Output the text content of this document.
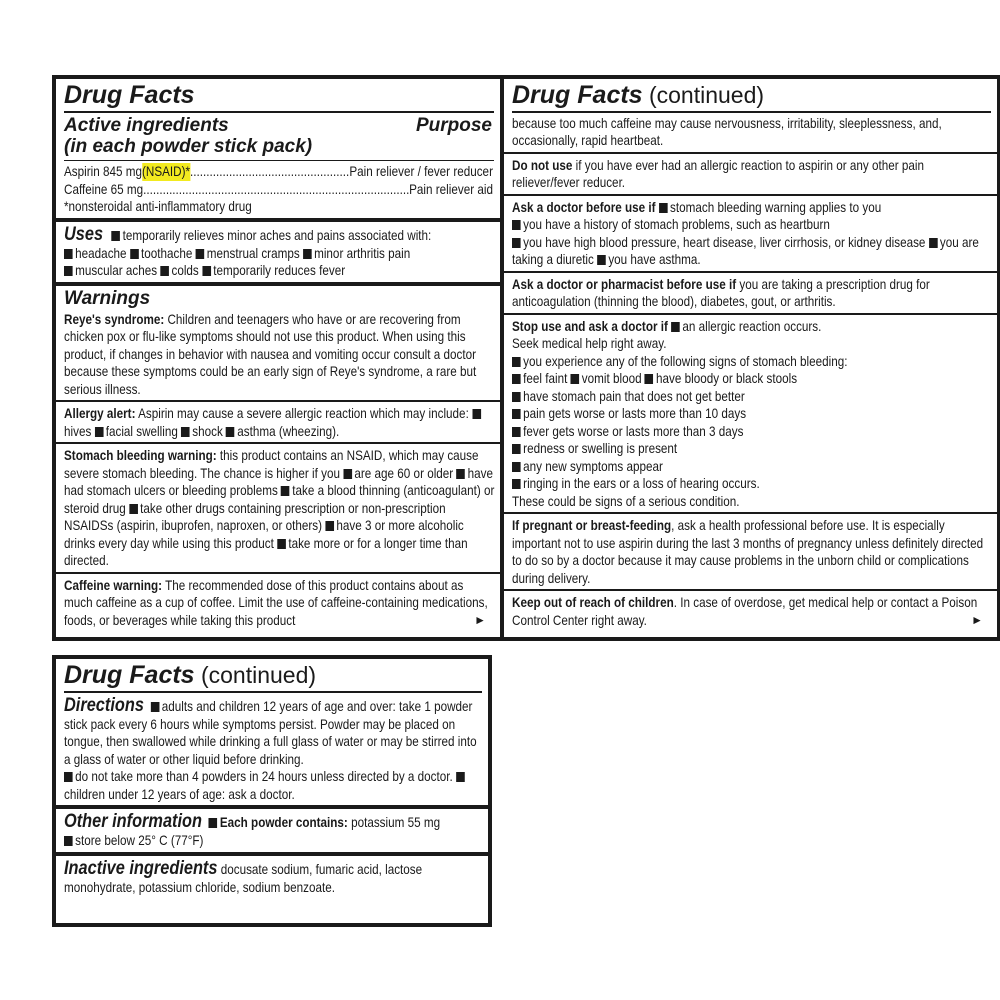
Drug Facts
Active ingredients
(in each powder stick pack)
Purpose
Aspirin 845 mg (NSAID)* .....	Pain reliever / fever reducer
Caffeine 65 mg .....	Pain reliever aid
*nonsteroidal anti-inflammatory drug
Uses temporarily relieves minor aches and pains associated with:
headache toothache menstrual cramps minor arthritis pain
muscular aches colds temporarily reduces fever
Warnings
Reye's syndrome: Children and teenagers who have or are recovering from chicken pox or flu-like symptoms should not use this product. When using this product, if changes in behavior with nausea and vomiting occur consult a doctor because these symptoms could be an early sign of Reye's syndrome, a rare but serious illness.
Allergy alert: Aspirin may cause a severe allergic reaction which may include: hives facial swelling shock asthma (wheezing).
Stomach bleeding warning: this product contains an NSAID, which may cause severe stomach bleeding. The chance is higher if you are age 60 or older have had stomach ulcers or bleeding problems take a blood thinning (anticoagulant) or steroid drug take other drugs containing prescription or non-prescription NSAIDSs (aspirin, ibuprofen, naproxen, or others) have 3 or more alcoholic drinks every day while using this product take more or for a longer time than directed.
Caffeine warning: The recommended dose of this product contains about as much caffeine as a cup of coffee. Limit the use of caffeine-containing medications, foods, or beverages while taking this product	►
Drug Facts (continued)
because too much caffeine may cause nervousness, irritability, sleeplessness, and, occasionally, rapid heartbeat.
Do not use if you have ever had an allergic reaction to aspirin or any other pain reliever/fever reducer.
Ask a doctor before use if stomach bleeding warning applies to you
you have a history of stomach problems, such as heartburn
you have high blood pressure, heart disease, liver cirrhosis, or kidney disease you are taking a diuretic you have asthma.
Ask a doctor or pharmacist before use if you are taking a prescription drug for anticoagulation (thinning the blood), diabetes, gout, or arthritis.
Stop use and ask a doctor if an allergic reaction occurs.
Seek medical help right away.
you experience any of the following signs of stomach bleeding:
feel faint vomit blood have bloody or black stools
have stomach pain that does not get better
pain gets worse or lasts more than 10 days
fever gets worse or lasts more than 3 days
redness or swelling is present
any new symptoms appear
ringing in the ears or a loss of hearing occurs.
These could be signs of a serious condition.
If pregnant or breast-feeding, ask a health professional before use. It is especially important not to use aspirin during the last 3 months of pregnancy unless definitely directed to do so by a doctor because it may cause problems in the unborn child or complications during delivery.
Keep out of reach of children. In case of overdose, get medical help or contact a Poison Control Center right away.	►
Drug Facts (continued)
Directions adults and children 12 years of age and over: take 1 powder stick pack every 6 hours while symptoms persist. Powder may be placed on tongue, then swallowed while drinking a full glass of water or may be stirred into a glass of water or other liquid before drinking.
do not take more than 4 powders in 24 hours unless directed by a doctor. children under 12 years of age: ask a doctor.
Other information Each powder contains: potassium 55 mg
store below 25° C (77°F)
Inactive ingredients docusate sodium, fumaric acid, lactose monohydrate, potassium chloride, sodium benzoate.
